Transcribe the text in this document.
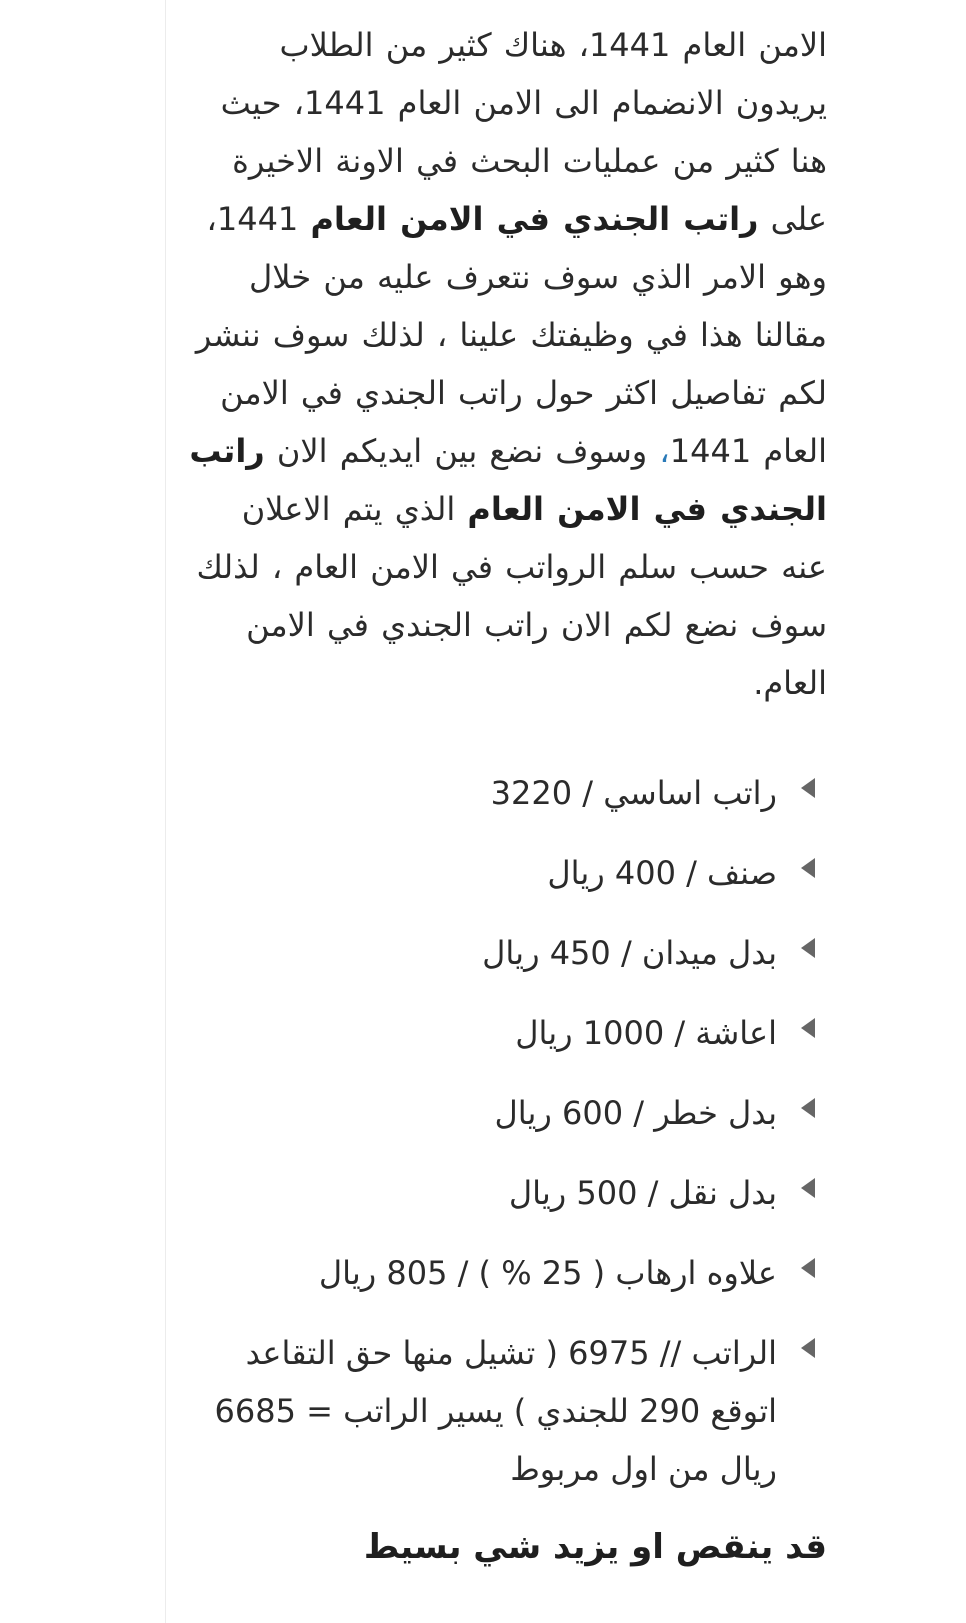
الامن العام 1441، هناك كثير من الطلاب يريدون الانضمام الى الامن العام 1441، حيث هنا كثير من عمليات البحث في الاونة الاخيرة على راتب الجندي في الامن العام 1441، وهو الامر الذي سوف نتعرف عليه من خلال مقالنا هذا في وظيفتك علينا ، لذلك سوف ننشر لكم تفاصيل اكثر حول راتب الجندي في الامن العام 1441، وسوف نضع بين ايديكم الان راتب الجندي في الامن العام الذي يتم الاعلان عنه حسب سلم الرواتب في الامن العام ، لذلك سوف نضع لكم الان راتب الجندي في الامن العام.

راتب اساسي / 3220
صنف / 400 ريال
بدل ميدان / 450 ريال
اعاشة / 1000 ريال
بدل خطر / 600 ريال
بدل نقل / 500 ريال
علاوه ارهاب ( 25 % ) / 805 ريال
الراتب // 6975 ( تشيل منها حق التقاعد اتوقع 290 للجندي ) يسير الراتب = 6685 ريال من اول مربوط

قد ينقص او يزيد شي بسيط
